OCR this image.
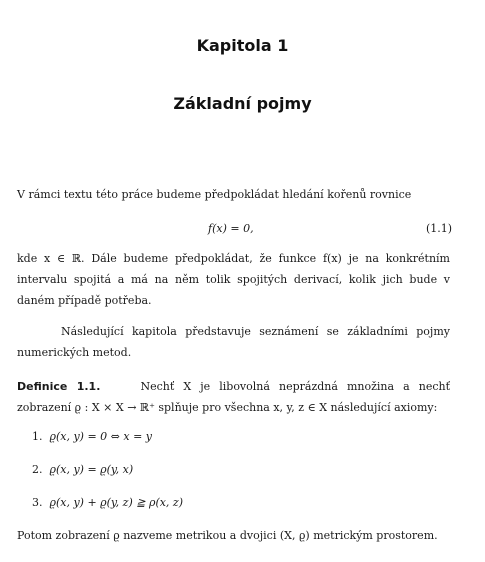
Kapitola 1
Základní pojmy
V rámci textu této práce budeme předpokládat hledání kořenů rovnice
f(x) = 0,	(1.1)
kde x ∈ ℝ. Dále budeme předpokládat, že funkce f(x) je na konkrétním intervalu spojitá a má na něm tolik spojitých derivací, kolik jich bude v daném případě potřeba.
Následující kapitola představuje seznámení se základními pojmy numerických metod.
Definice 1.1.	Nechť X je libovolná neprázdná množina a nechť zobrazení ϱ : X × X → ℝ⁺ splňuje pro všechna x, y, z ∈ X následující axiomy:
1. ϱ(x, y) = 0 ⇔ x = y
2. ϱ(x, y) = ϱ(y, x)
3. ϱ(x, y) + ϱ(y, z) ≧ ρ(x, z)
Potom zobrazení ϱ nazveme metrikou a dvojici (X, ϱ) metrickým prostorem.
